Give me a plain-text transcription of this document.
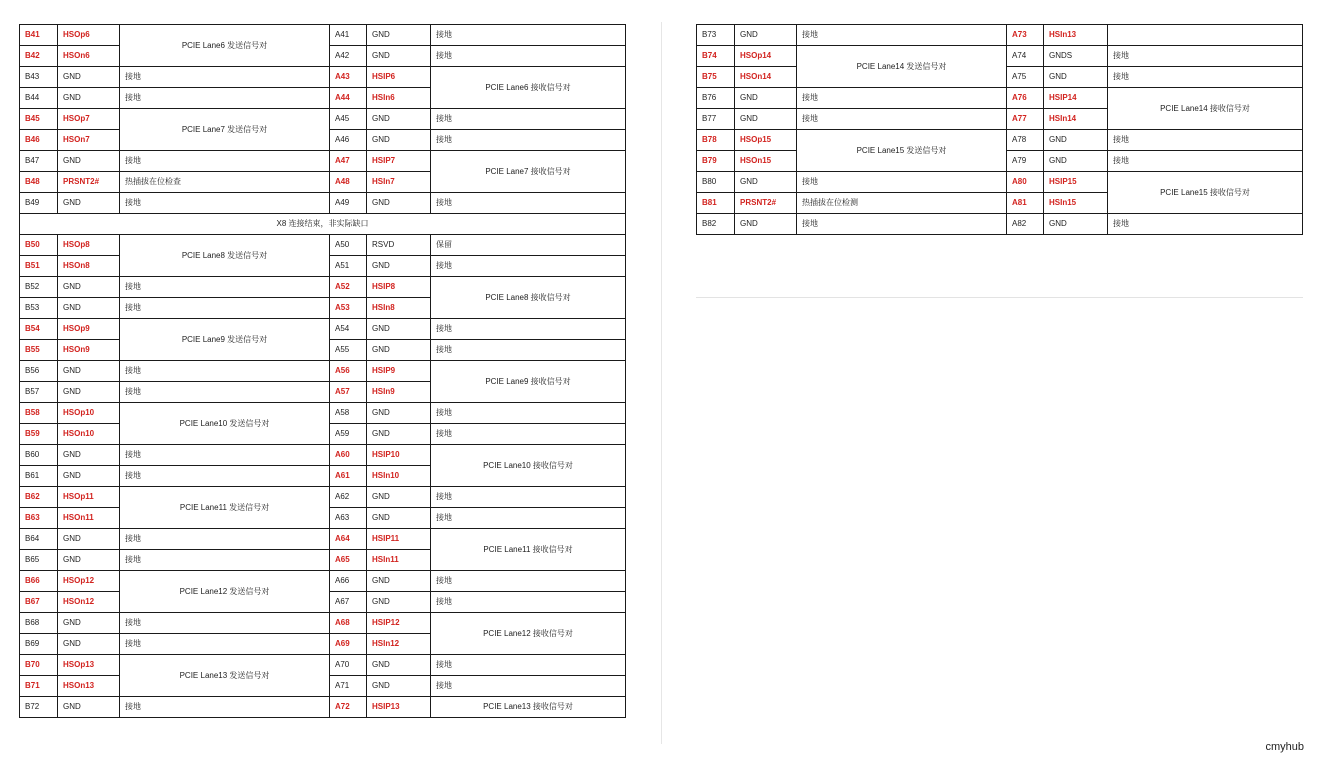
B41	HSOp6	PCIE Lane6 发送信号对	A41	GND	接地
B42	HSOn6		A42	GND	接地
B43	GND	接地	A43	HSIP6	PCIE Lane6 接收信号对
B44	GND	接地	A44	HSIn6	
B45	HSOp7	PCIE Lane7 发送信号对	A45	GND	接地
B46	HSOn7		A46	GND	接地
B47	GND	接地	A47	HSIP7	PCIE Lane7 接收信号对
B48	PRSNT2#	热插拔在位检查	A48	HSIn7	
B49	GND	接地	A49	GND	接地
X8 连接结束，非实际缺口					
B50	HSOp8	PCIE Lane8 发送信号对	A50	RSVD	保留
B51	HSOn8		A51	GND	接地
B52	GND	接地	A52	HSIP8	PCIE Lane8 接收信号对
B53	GND	接地	A53	HSIn8	
B54	HSOp9	PCIE Lane9 发送信号对	A54	GND	接地
B55	HSOn9		A55	GND	接地
B56	GND	接地	A56	HSIP9	PCIE Lane9 接收信号对
B57	GND	接地	A57	HSIn9	
B58	HSOp10	PCIE Lane10 发送信号对	A58	GND	接地
B59	HSOn10		A59	GND	接地
B60	GND	接地	A60	HSIP10	PCIE Lane10 接收信号对
B61	GND	接地	A61	HSIn10	
B62	HSOp11	PCIE Lane11 发送信号对	A62	GND	接地
B63	HSOn11		A63	GND	接地
B64	GND	接地	A64	HSIP11	PCIE Lane11 接收信号对
B65	GND	接地	A65	HSIn11	
B66	HSOp12	PCIE Lane12 发送信号对	A66	GND	接地
B67	HSOn12		A67	GND	接地
B68	GND	接地	A68	HSIP12	PCIE Lane12 接收信号对
B69	GND	接地	A69	HSIn12	
B70	HSOp13	PCIE Lane13 发送信号对	A70	GND	接地
B71	HSOn13		A71	GND	接地
B72	GND	接地	A72	HSIP13	PCIE Lane13 接收信号对
B73	GND	接地	A73	HSIn13	
B74	HSOp14	PCIE Lane14 发送信号对	A74	GNDS	接地
B75	HSOn14		A75	GND	接地
B76	GND	接地	A76	HSIP14	PCIE Lane14 接收信号对
B77	GND	接地	A77	HSIn14	
B78	HSOp15	PCIE Lane15 发送信号对	A78	GND	接地
B79	HSOn15		A79	GND	接地
B80	GND	接地	A80	HSIP15	PCIE Lane15 接收信号对
B81	PRSNT2#	热插拔在位检测	A81	HSIn15	
B82	GND	接地	A82	GND	接地
cmyhub
